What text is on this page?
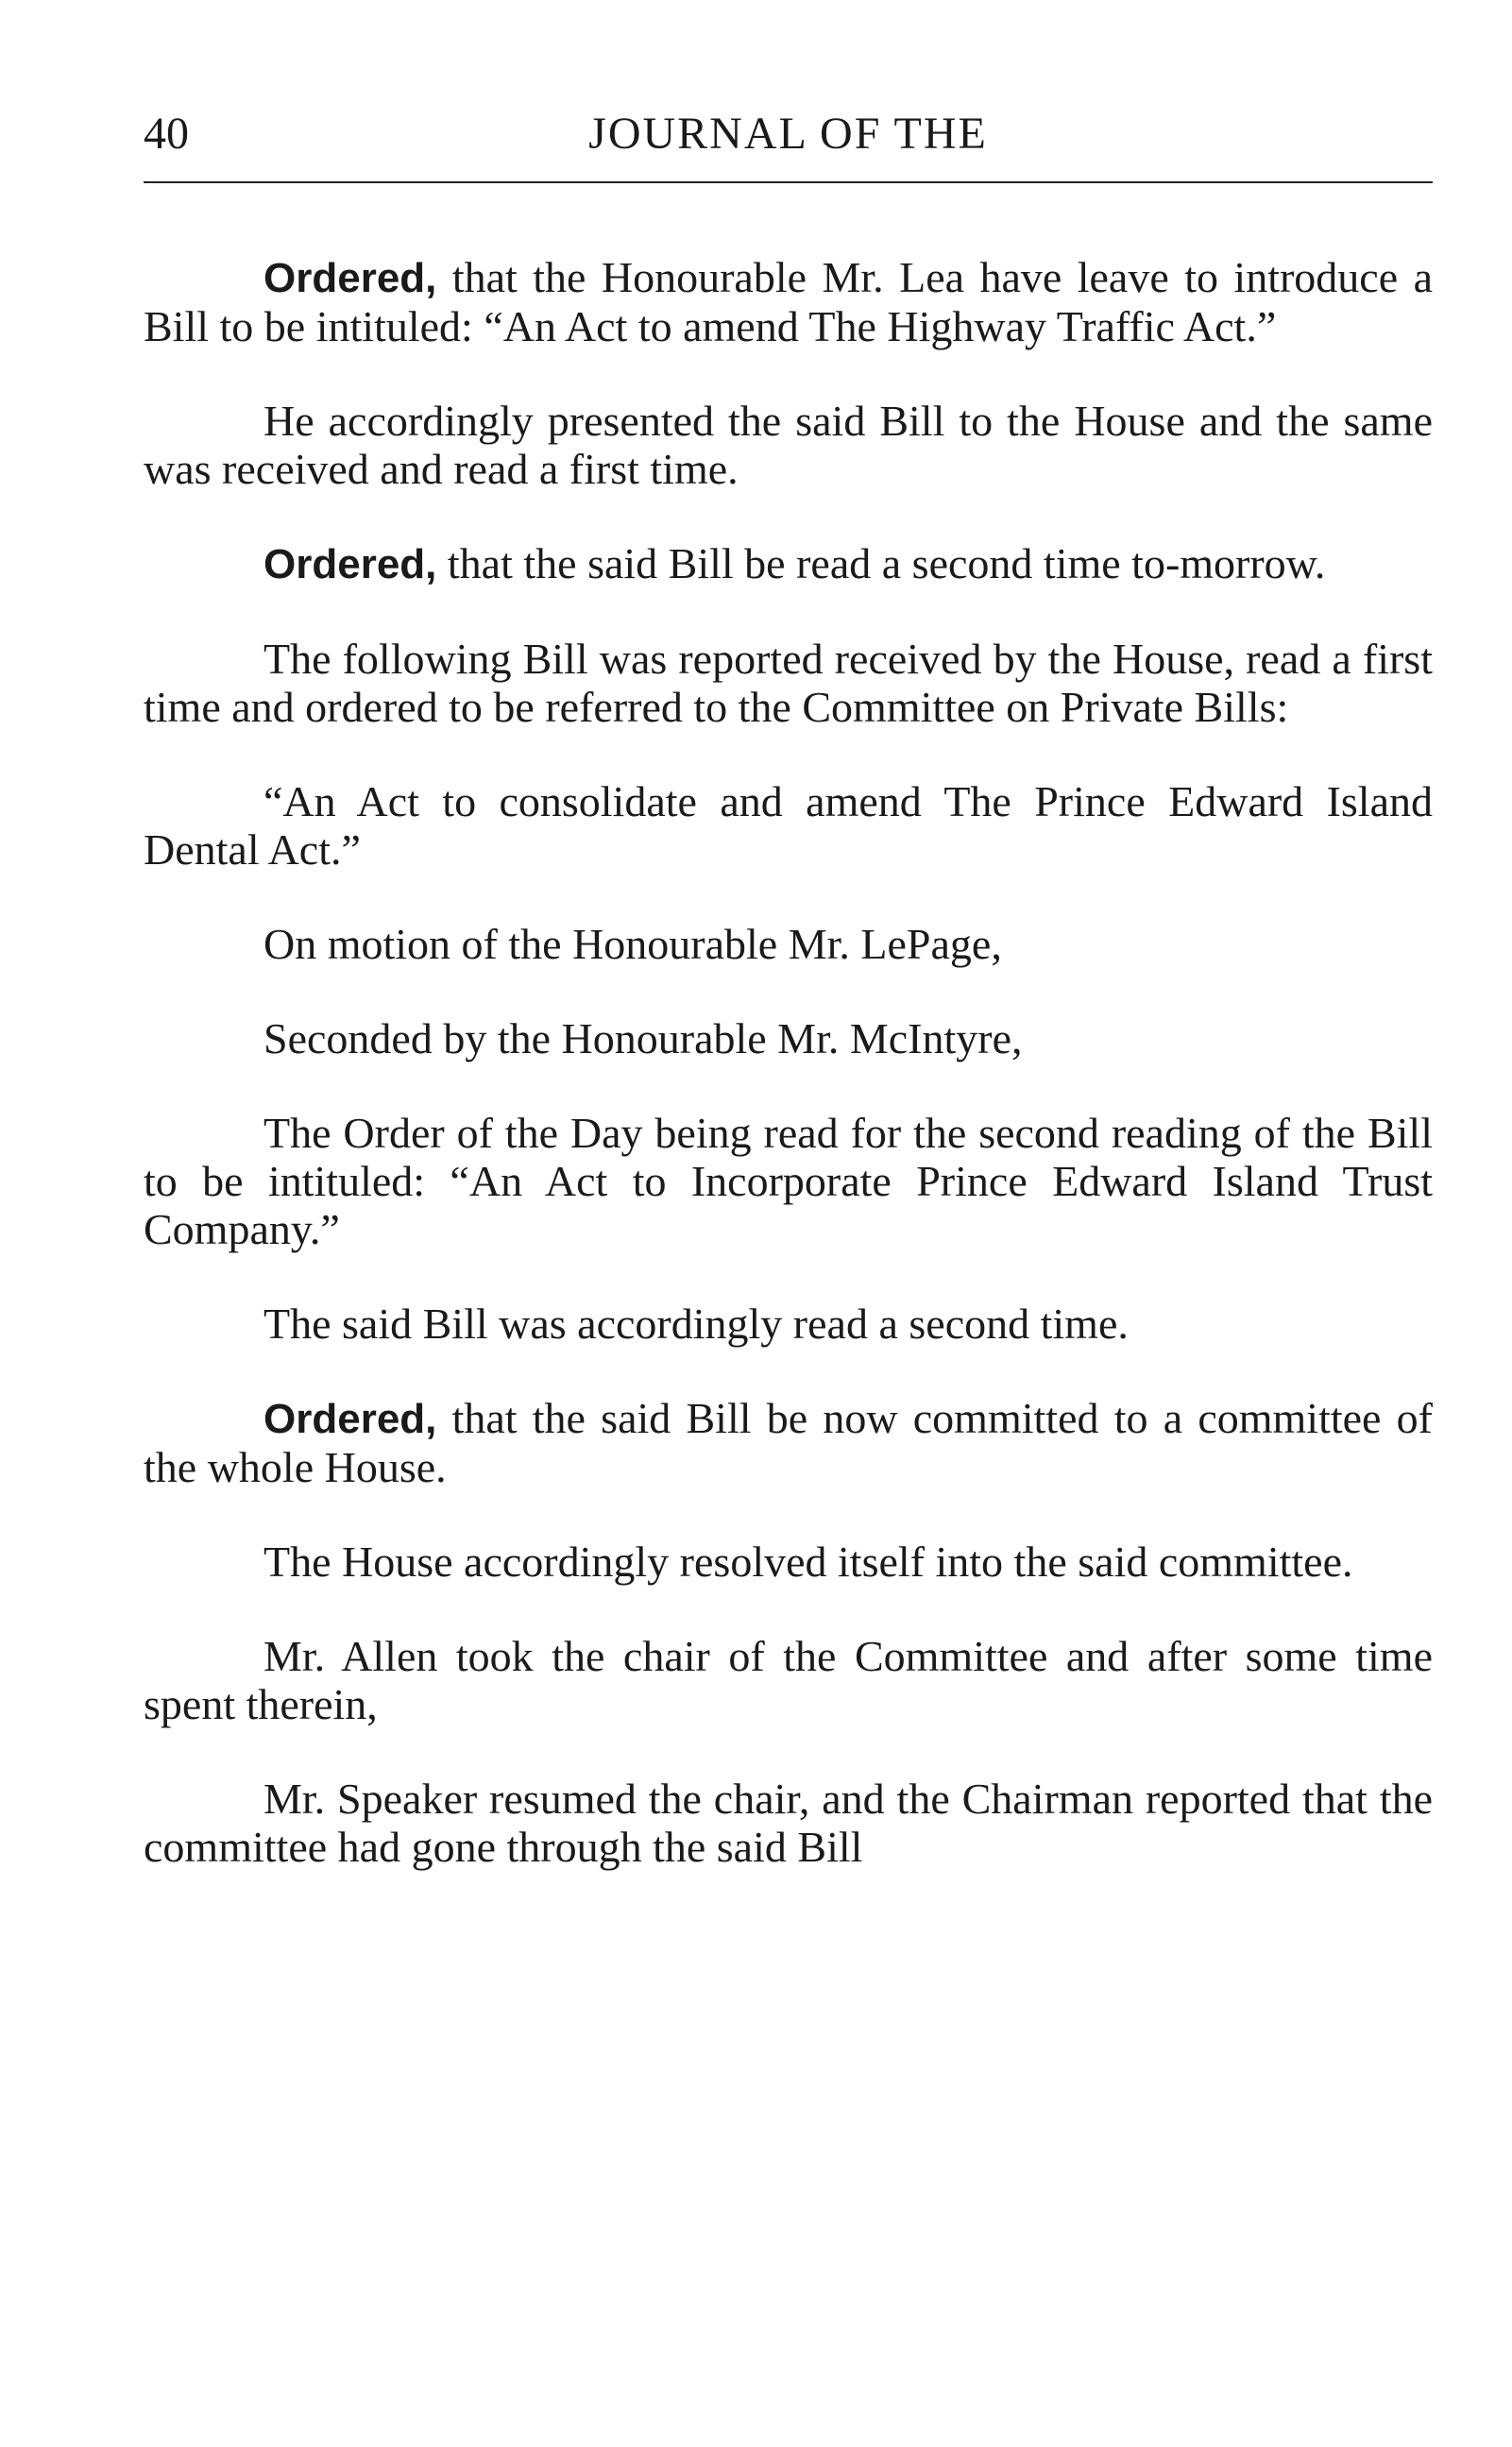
40	JOURNAL OF THE

Ordered, that the Honourable Mr. Lea have leave to introduce a Bill to be intituled: “An Act to amend The Highway Traffic Act.”

He accordingly presented the said Bill to the House and the same was received and read a first time.

Ordered, that the said Bill be read a second time to-morrow.

The following Bill was reported received by the House, read a first time and ordered to be referred to the Committee on Private Bills:

“An Act to consolidate and amend The Prince Edward Island Dental Act.”

On motion of the Honourable Mr. LePage,

Seconded by the Honourable Mr. McIntyre,

The Order of the Day being read for the second reading of the Bill to be intituled: “An Act to Incorporate Prince Edward Island Trust Company.”

The said Bill was accordingly read a second time.

Ordered, that the said Bill be now committed to a committee of the whole House.

The House accordingly resolved itself into the said committee.

Mr. Allen took the chair of the Committee and after some time spent therein,

Mr. Speaker resumed the chair, and the Chairman reported that the committee had gone through the said Bill
